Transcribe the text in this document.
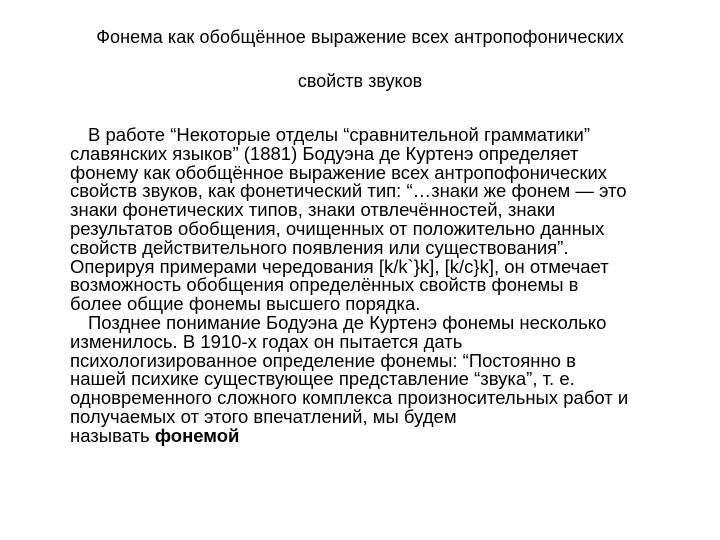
Фонема как обобщённое выражение всех антропофонических
свойств звуков
В работе “Некоторые отделы “сравнительной грамматики”
славянских языков” (1881) Бодуэна де Куртенэ определяет
фонему как обобщённое выражение всех антропофонических
свойств звуков, как фонетический тип: “…знаки же фонем — это
знаки фонетических типов, знаки отвлечённостей, знаки
результатов обобщения, очищенных от положительно данных
свойств действительного появления или существования”.
Оперируя примерами чередования [k/k`}k], [k/c}k], он отмечает
возможность обобщения определённых свойств фонемы в
более общие фонемы высшего порядка.
Позднее понимание Бодуэна де Куртенэ фонемы несколько
изменилось. В 1910-х годах он пытается дать
психологизированное определение фонемы: “Постоянно в
нашей психике существующее представление “звука”, т. е.
одновременного сложного комплекса произносительных работ и
получаемых от этого впечатлений, мы будем
называть фонемой
